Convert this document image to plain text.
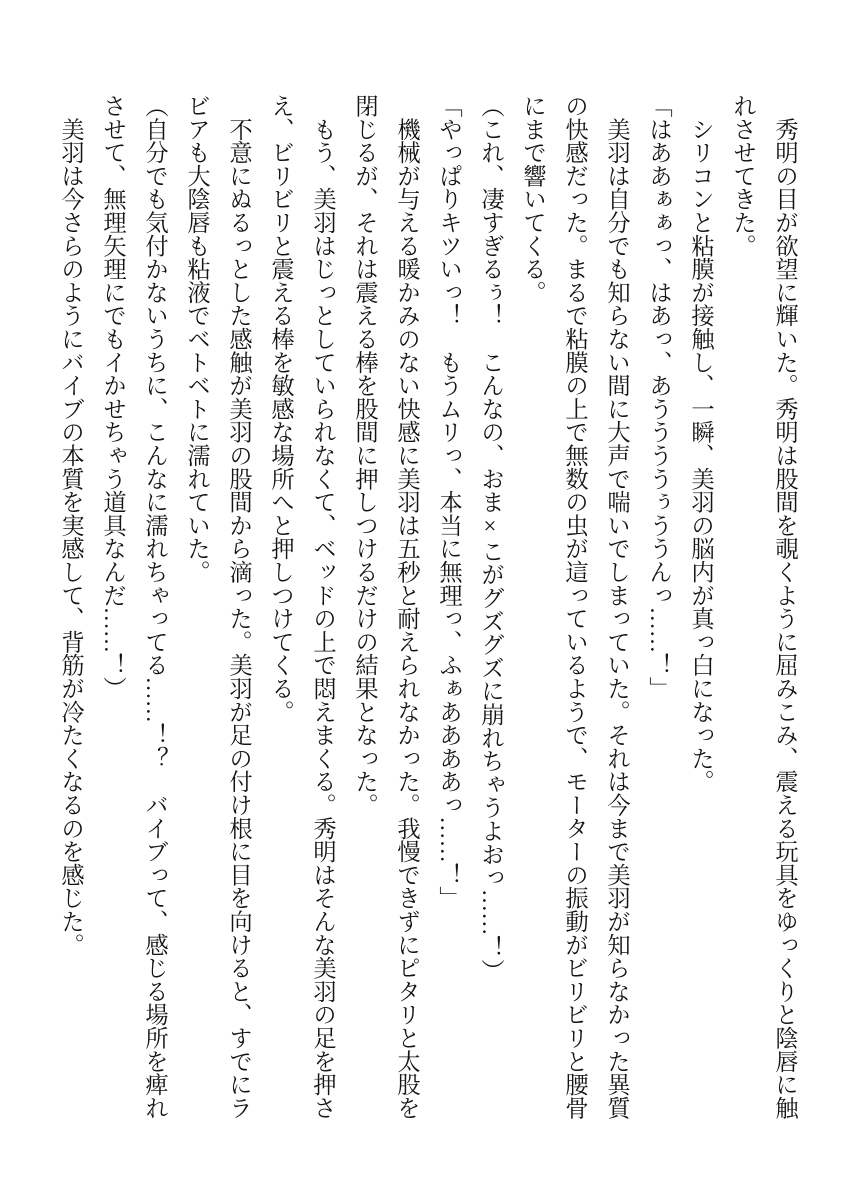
　秀明の目が欲望に輝いた。秀明は股間を覗くように屈みこみ、震える玩具をゆっくりと陰唇に触

れさせてきた。

　シリコンと粘膜が接触し、一瞬、美羽の脳内が真っ白になった。

「はああぁぁっ、はあっ、あううううぅううんっ……！」

　美羽は自分でも知らない間に大声で喘いでしまっていた。それは今まで美羽が知らなかった異質

の快感だった。まるで粘膜の上で無数の虫が這っているようで、モーターの振動がビリビリと腰骨

にまで響いてくる。

（これ、凄すぎるぅ！　こんなの、おま×こがグズグズに崩れちゃうよおっ……！）

「やっぱりキツいっ！　もうムリっ、本当に無理っ、ふぁああああっ……！」

　機械が与える暖かみのない快感に美羽は五秒と耐えられなかった。我慢できずにピタリと太股を

閉じるが、それは震える棒を股間に押しつけるだけの結果となった。

　もう、美羽はじっとしていられなくて、ベッドの上で悶えまくる。秀明はそんな美羽の足を押さ

え、ビリビリと震える棒を敏感な場所へと押しつけてくる。

　不意にぬるっとした感触が美羽の股間から滴った。美羽が足の付け根に目を向けると、すでにラ

ビアも大陰唇も粘液でベトベトに濡れていた。

（自分でも気付かないうちに、こんなに濡れちゃってる……！？　バイブって、感じる場所を痺れ

させて、無理矢理にでもイかせちゃう道具なんだ……！）

　美羽は今さらのようにバイブの本質を実感して、背筋が冷たくなるのを感じた。
